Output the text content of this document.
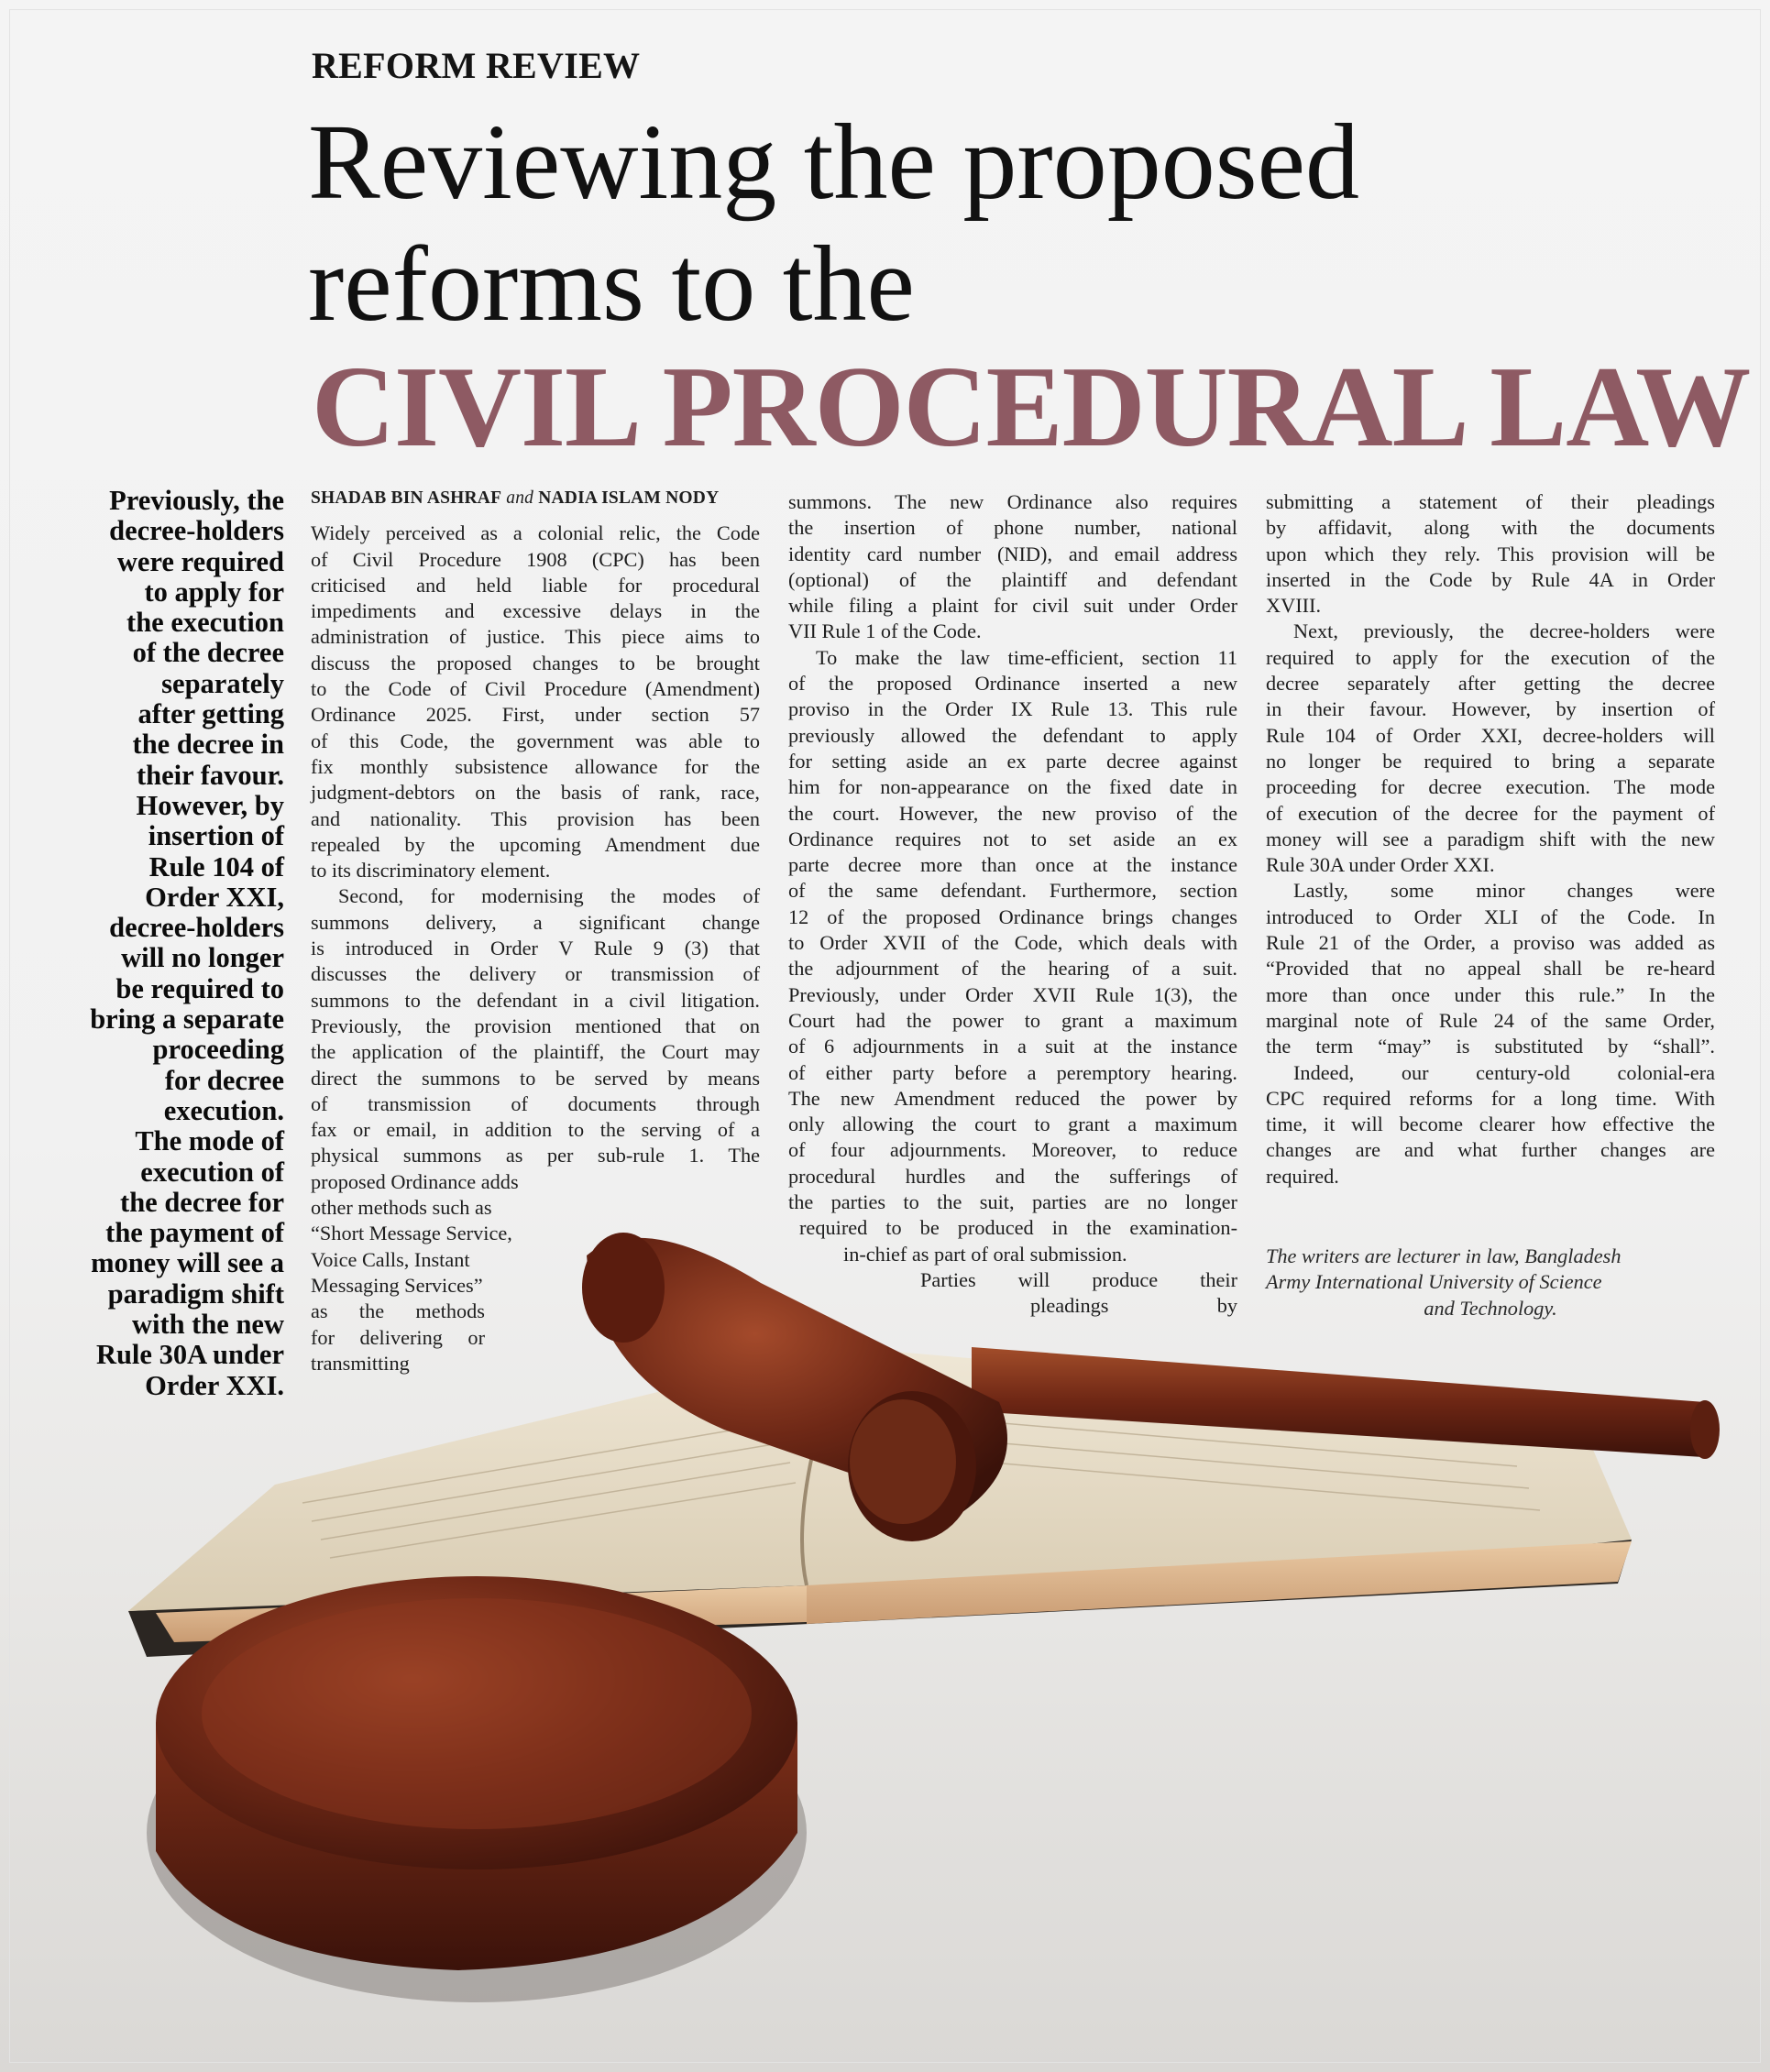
REFORM REVIEW
Reviewing the proposed
reforms to the
CIVIL PROCEDURAL LAW
Previously, the
decree-holders
were required
to apply for
the execution
of the decree
separately
after getting
the decree in
their favour.
However, by
insertion of
Rule 104 of
Order XXI,
decree-holders
will no longer
be required to
bring a separate
proceeding
for decree
execution.
The mode of
execution of
the decree for
the payment of
money will see a
paradigm shift
with the new
Rule 30A under
Order XXI.
SHADAB BIN ASHRAF and NADIA ISLAM NODY
Widely perceived as a colonial relic, the Code
of Civil Procedure 1908 (CPC) has been
criticised and held liable for procedural
impediments and excessive delays in the
administration of justice. This piece aims to
discuss the proposed changes to be brought
to the Code of Civil Procedure (Amendment)
Ordinance 2025. First, under section 57
of this Code, the government was able to
fix monthly subsistence allowance for the
judgment-debtors on the basis of rank, race,
and nationality. This provision has been
repealed by the upcoming Amendment due
to its discriminatory element.
Second, for modernising the modes of
summons delivery, a significant change
is introduced in Order V Rule 9 (3) that
discusses the delivery or transmission of
summons to the defendant in a civil litigation.
Previously, the provision mentioned that on
the application of the plaintiff, the Court may
direct the summons to be served by means
of transmission of documents through
fax or email, in addition to the serving of a
physical summons as per sub-rule 1. The
proposed Ordinance adds
other methods such as
“Short Message Service,
Voice Calls, Instant
Messaging Services”
as the methods
for delivering or
transmitting
summons. The new Ordinance also requires
the insertion of phone number, national
identity card number (NID), and email address
(optional) of the plaintiff and defendant
while filing a plaint for civil suit under Order
VII Rule 1 of the Code.
To make the law time-efficient, section 11
of the proposed Ordinance inserted a new
proviso in the Order IX Rule 13. This rule
previously allowed the defendant to apply
for setting aside an ex parte decree against
him for non-appearance on the fixed date in
the court. However, the new proviso of the
Ordinance requires not to set aside an ex
parte decree more than once at the instance
of the same defendant. Furthermore, section
12 of the proposed Ordinance brings changes
to Order XVII of the Code, which deals with
the adjournment of the hearing of a suit.
Previously, under Order XVII Rule 1(3), the
Court had the power to grant a maximum
of 6 adjournments in a suit at the instance
of either party before a peremptory hearing.
The new Amendment reduced the power by
only allowing the court to grant a maximum
of four adjournments. Moreover, to reduce
procedural hurdles and the sufferings of
the parties to the suit, parties are no longer
required to be produced in the examination-
in-chief as part of oral submission.
Parties will produce their
pleadings by
submitting a statement of their pleadings
by affidavit, along with the documents
upon which they rely. This provision will be
inserted in the Code by Rule 4A in Order
XVIII.
Next, previously, the decree-holders were
required to apply for the execution of the
decree separately after getting the decree
in their favour. However, by insertion of
Rule 104 of Order XXI, decree-holders will
no longer be required to bring a separate
proceeding for decree execution. The mode
of execution of the decree for the payment of
money will see a paradigm shift with the new
Rule 30A under Order XXI.
Lastly, some minor changes were
introduced to Order XLI of the Code. In
Rule 21 of the Order, a proviso was added as
“Provided that no appeal shall be re-heard
more than once under this rule.” In the
marginal note of Rule 24 of the same Order,
the term “may” is substituted by “shall”.
Indeed, our century-old colonial-era
CPC required reforms for a long time. With
time, it will become clearer how effective the
changes are and what further changes are
required.
The writers are lecturer in law, Bangladesh
Army International University of Science
and Technology.
